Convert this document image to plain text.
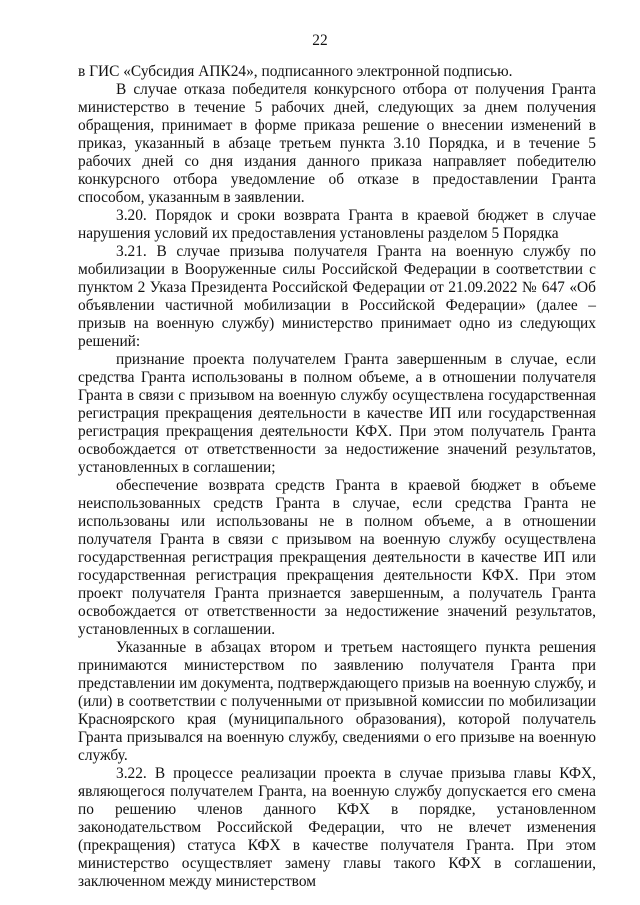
22

в ГИС «Субсидия АПК24», подписанного электронной подписью.

В случае отказа победителя конкурсного отбора от получения Гранта министерство в течение 5 рабочих дней, следующих за днем получения обращения, принимает в форме приказа решение о внесении изменений в приказ, указанный в абзаце третьем пункта 3.10 Порядка, и в течение 5 рабочих дней со дня издания данного приказа направляет победителю конкурсного отбора уведомление об отказе в предоставлении Гранта способом, указанным в заявлении.

3.20. Порядок и сроки возврата Гранта в краевой бюджет в случае нарушения условий их предоставления установлены разделом 5 Порядка

3.21. В случае призыва получателя Гранта на военную службу по мобилизации в Вооруженные силы Российской Федерации в соответствии с пунктом 2 Указа Президента Российской Федерации от 21.09.2022 № 647 «Об объявлении частичной мобилизации в Российской Федерации» (далее – призыв на военную службу) министерство принимает одно из следующих решений:

признание проекта получателем Гранта завершенным в случае, если средства Гранта использованы в полном объеме, а в отношении получателя Гранта в связи с призывом на военную службу осуществлена государственная регистрация прекращения деятельности в качестве ИП или государственная регистрация прекращения деятельности КФХ. При этом получатель Гранта освобождается от ответственности за недостижение значений результатов, установленных в соглашении;

обеспечение возврата средств Гранта в краевой бюджет в объеме неиспользованных средств Гранта в случае, если средства Гранта не использованы или использованы не в полном объеме, а в отношении получателя Гранта в связи с призывом на военную службу осуществлена государственная регистрация прекращения деятельности в качестве ИП или государственная регистрация прекращения деятельности КФХ. При этом проект получателя Гранта признается завершенным, а получатель Гранта освобождается от ответственности за недостижение значений результатов, установленных в соглашении.

Указанные в абзацах втором и третьем настоящего пункта решения принимаются министерством по заявлению получателя Гранта при представлении им документа, подтверждающего призыв на военную службу, и (или) в соответствии с полученными от призывной комиссии по мобилизации Красноярского края (муниципального образования), которой получатель Гранта призывался на военную службу, сведениями о его призыве на военную службу.

3.22. В процессе реализации проекта в случае призыва главы КФХ, являющегося получателем Гранта, на военную службу допускается его смена по решению членов данного КФХ в порядке, установленном законодательством Российской Федерации, что не влечет изменения (прекращения) статуса КФХ в качестве получателя Гранта. При этом министерство осуществляет замену главы такого КФХ в соглашении, заключенном между министерством
